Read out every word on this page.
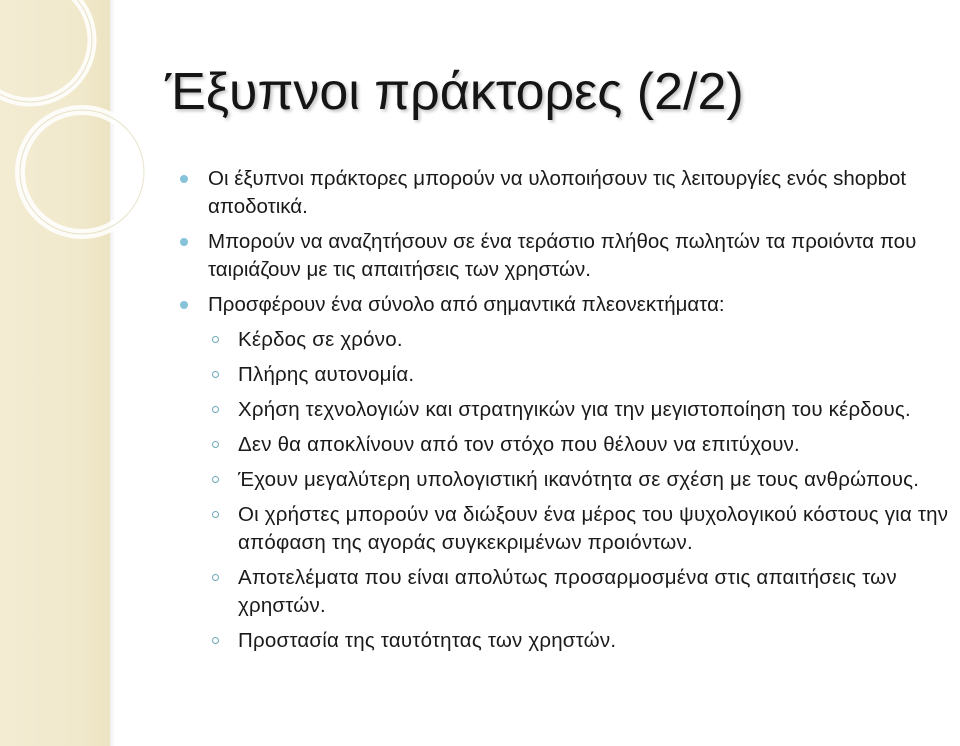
Έξυπνοι πράκτορες (2/2)
Οι έξυπνοι πράκτορες μπορούν να υλοποιήσουν τις λειτουργίες ενός shopbot αποδοτικά.
Μπορούν να αναζητήσουν σε ένα τεράστιο πλήθος πωλητών τα προιόντα που ταιριάζουν με τις απαιτήσεις των χρηστών.
Προσφέρουν ένα σύνολο από σημαντικά πλεονεκτήματα:
Κέρδος σε χρόνο.
Πλήρης αυτονομία.
Χρήση τεχνολογιών και στρατηγικών για την μεγιστοποίηση του κέρδους.
Δεν θα αποκλίνουν από τον στόχο που θέλουν να επιτύχουν.
Έχουν μεγαλύτερη υπολογιστική ικανότητα σε σχέση με τους ανθρώπους.
Οι χρήστες μπορούν να διώξουν ένα μέρος του ψυχολογικού κόστους για την απόφαση της αγοράς συγκεκριμένων προιόντων.
Αποτελέματα που είναι απολύτως προσαρμοσμένα στις απαιτήσεις των χρηστών.
Προστασία της ταυτότητας των χρηστών.
